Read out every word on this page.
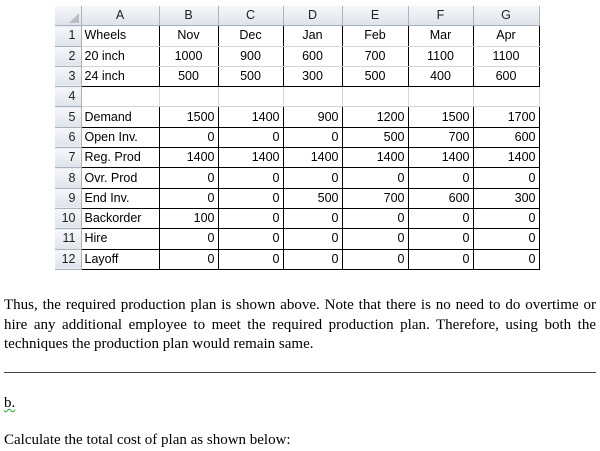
	A	B	C	D	E	F	G
1	Wheels	Nov	Dec	Jan	Feb	Mar	Apr
2	20 inch	1000	900	600	700	1100	1100
3	24 inch	500	500	300	500	400	600
4							
5	Demand	1500	1400	900	1200	1500	1700
6	Open Inv.	0	0	0	500	700	600
7	Reg. Prod	1400	1400	1400	1400	1400	1400
8	Ovr. Prod	0	0	0	0	0	0
9	End Inv.	0	0	500	700	600	300
10	Backorder	100	0	0	0	0	0
11	Hire	0	0	0	0	0	0
12	Layoff	0	0	0	0	0	0
Thus, the required production plan is shown above. Note that there is no need to do overtime or hire any additional employee to meet the required production plan. Therefore, using both the techniques the production plan would remain same.
b.
Calculate the total cost of plan as shown below:
